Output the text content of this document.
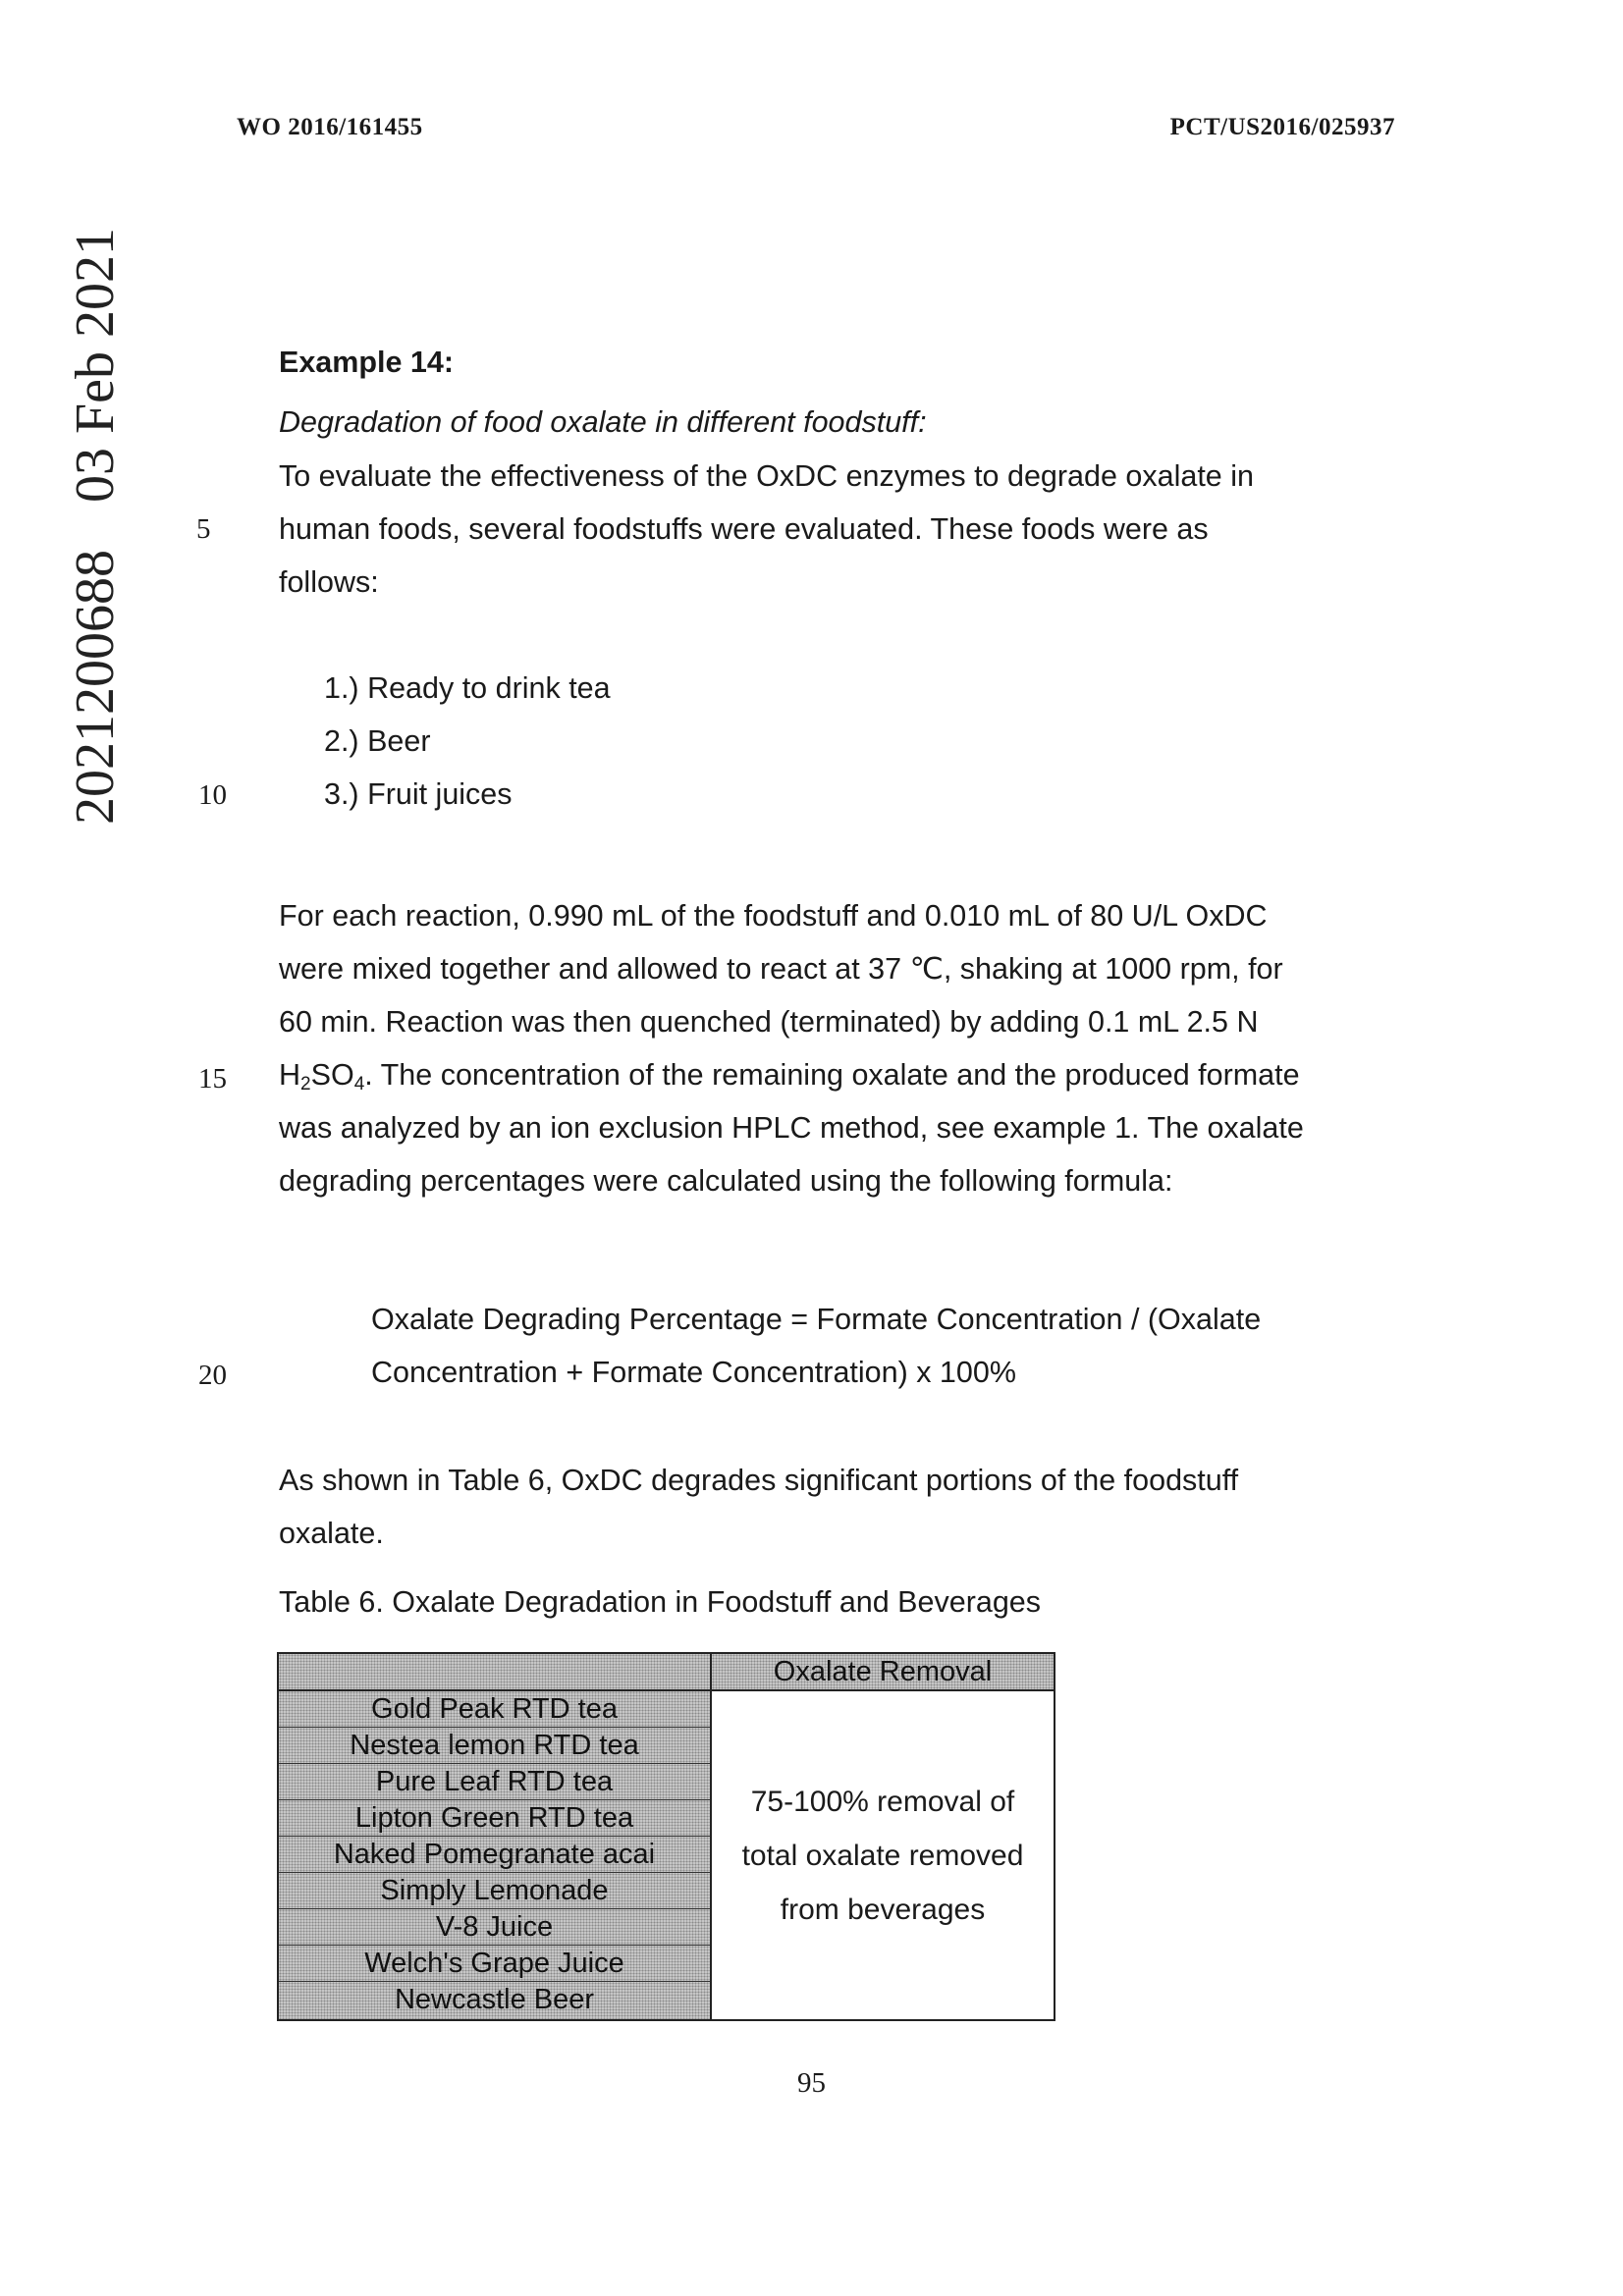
WO 2016/161455	PCT/US2016/025937
202120068803 Feb 2021
5
10
15
20
Example 14:
Degradation of food oxalate in different foodstuff:
To evaluate the effectiveness of the OxDC enzymes to degrade oxalate in
human foods, several foodstuffs were evaluated. These foods were as
follows:
1.) Ready to drink tea
2.) Beer
3.) Fruit juices
For each reaction, 0.990 mL of the foodstuff and 0.010 mL of 80 U/L OxDC
were mixed together and allowed to react at 37 ℃, shaking at 1000 rpm, for
60 min. Reaction was then quenched (terminated) by adding 0.1 mL 2.5 N
$H_2SO_4$. The concentration of the remaining oxalate and the produced formate
was analyzed by an ion exclusion HPLC method, see example 1. The oxalate
degrading percentages were calculated using the following formula:
Oxalate Degrading Percentage = Formate Concentration / (Oxalate
Concentration + Formate Concentration) x 100%
As shown in Table 6, OxDC degrades significant portions of the foodstuff
oxalate.
Table 6. Oxalate Degradation in Foodstuff and Beverages
Gold Peak RTD tea
Nestea lemon RTD tea
Pure Leaf RTD tea
Lipton Green RTD tea
Naked Pomegranate acai
Simply Lemonade
V-8 Juice
Welch's Grape Juice
Newcastle Beer
Oxalate Removal
75-100% removal of
total oxalate removed
from beverages
95
